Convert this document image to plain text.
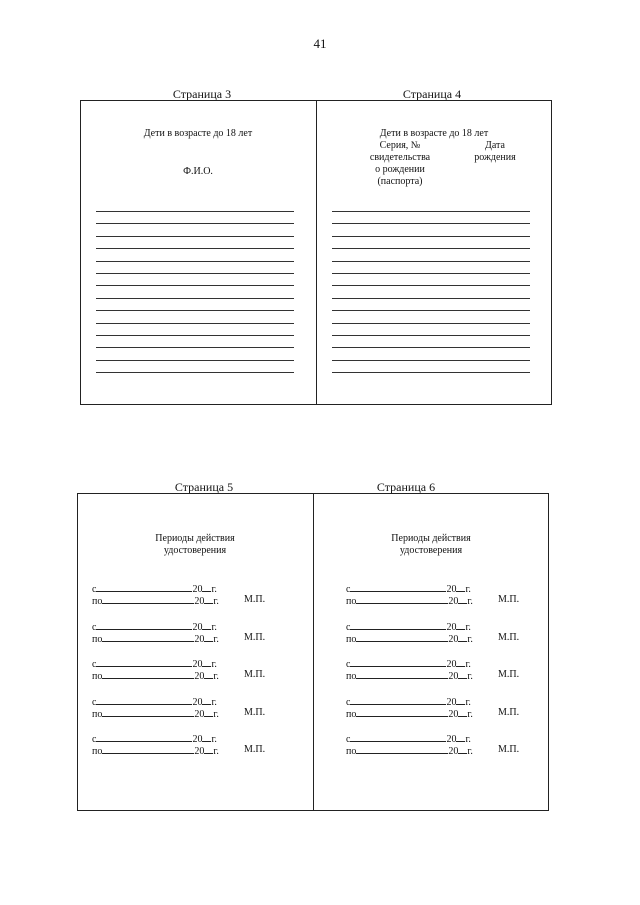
41
Страница 3	Страница 4
Дети в возрасте до 18 лет
Ф.И.О.
Дети в возрасте до 18 лет
Серия, №
свидетельства
о рождении
(паспорта)
Дата
рождения
Страница 5	Страница 6
Периоды действия
удостоверения
Периоды действия
удостоверения
с	20 г.
по	20 г.	М.П.
с	20 г.
по	20 г.	М.П.
с	20 г.
по	20 г.	М.П.
с	20 г.
по	20 г.	М.П.
с	20 г.
по	20 г.	М.П.
с	20 г.
по	20 г.	М.П.
с	20 г.
по	20 г.	М.П.
с	20 г.
по	20 г.	М.П.
с	20 г.
по	20 г.	М.П.
с	20 г.
по	20 г.	М.П.
